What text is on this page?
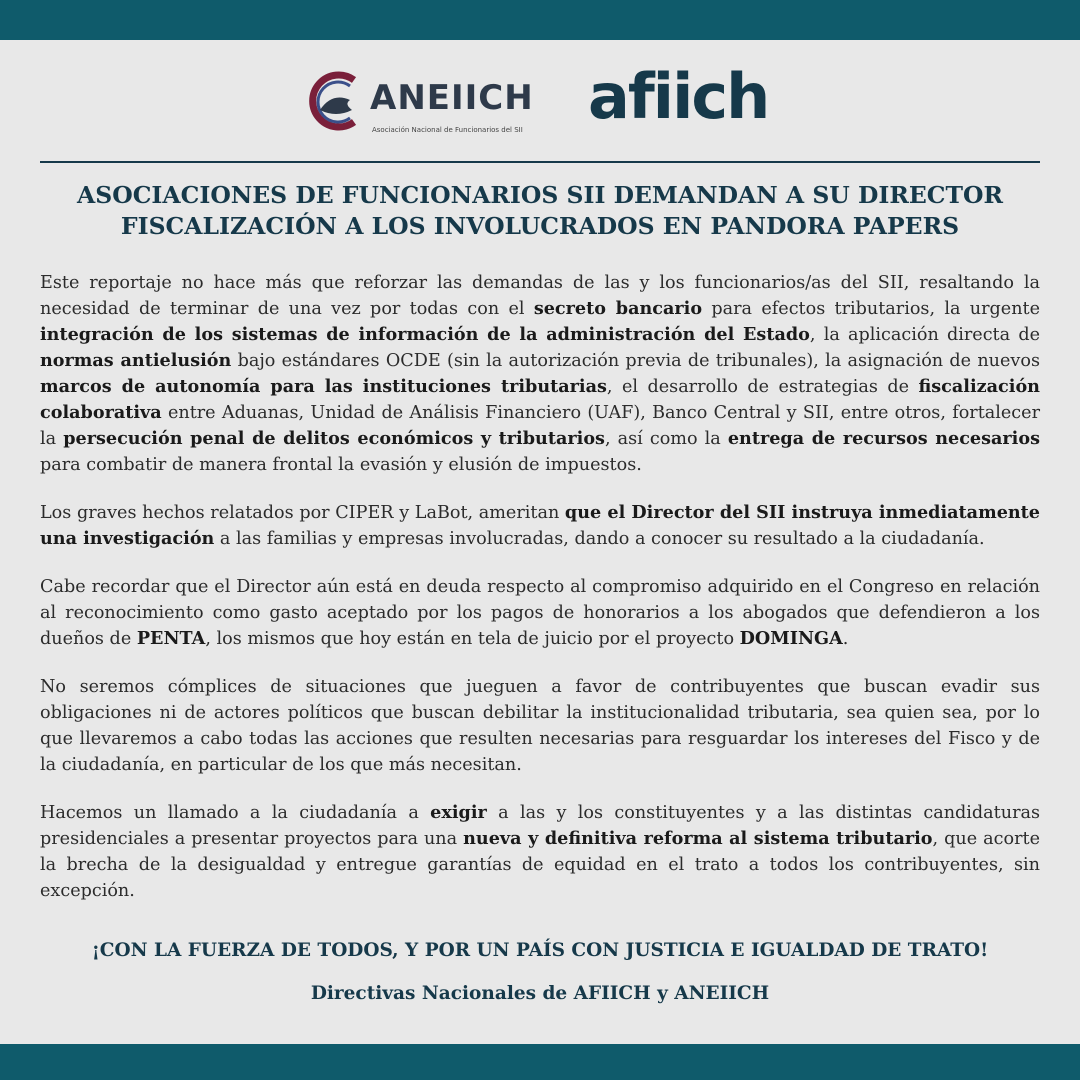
ANEIICH
Asociación Nacional de Funcionarios del SII afiich
ASOCIACIONES DE FUNCIONARIOS SII DEMANDAN A SU DIRECTOR
FISCALIZACIÓN A LOS INVOLUCRADOS EN PANDORA PAPERS

Este reportaje no hace más que reforzar las demandas de las y los funcionarios/as del SII, resaltando la necesidad de terminar de una vez por todas con el secreto bancario para efectos tributarios, la urgente integración de los sistemas de información de la administración del Estado, la aplicación directa de normas antielusión bajo estándares OCDE (sin la autorización previa de tribunales), la asignación de nuevos marcos de autonomía para las instituciones tributarias, el desarrollo de estrategias de fiscalización colaborativa entre Aduanas, Unidad de Análisis Financiero (UAF), Banco Central y SII, entre otros, fortalecer la persecución penal de delitos económicos y tributarios, así como la entrega de recursos necesarios para combatir de manera frontal la evasión y elusión de impuestos.

Los graves hechos relatados por CIPER y LaBot, ameritan que el Director del SII instruya inmediatamente una investigación a las familias y empresas involucradas, dando a conocer su resultado a la ciudadanía.

Cabe recordar que el Director aún está en deuda respecto al compromiso adquirido en el Congreso en relación al reconocimiento como gasto aceptado por los pagos de honorarios a los abogados que defendieron a los dueños de PENTA, los mismos que hoy están en tela de juicio por el proyecto DOMINGA.

No seremos cómplices de situaciones que jueguen a favor de contribuyentes que buscan evadir sus obligaciones ni de actores políticos que buscan debilitar la institucionalidad tributaria, sea quien sea, por lo que llevaremos a cabo todas las acciones que resulten necesarias para resguardar los intereses del Fisco y de la ciudadanía, en particular de los que más necesitan.

Hacemos un llamado a la ciudadanía a exigir a las y los constituyentes y a las distintas candidaturas presidenciales a presentar proyectos para una nueva y definitiva reforma al sistema tributario, que acorte la brecha de la desigualdad y entregue garantías de equidad en el trato a todos los contribuyentes, sin excepción.

¡CON LA FUERZA DE TODOS, Y POR UN PAÍS CON JUSTICIA E IGUALDAD DE TRATO!
Directivas Nacionales de AFIICH y ANEIICH
